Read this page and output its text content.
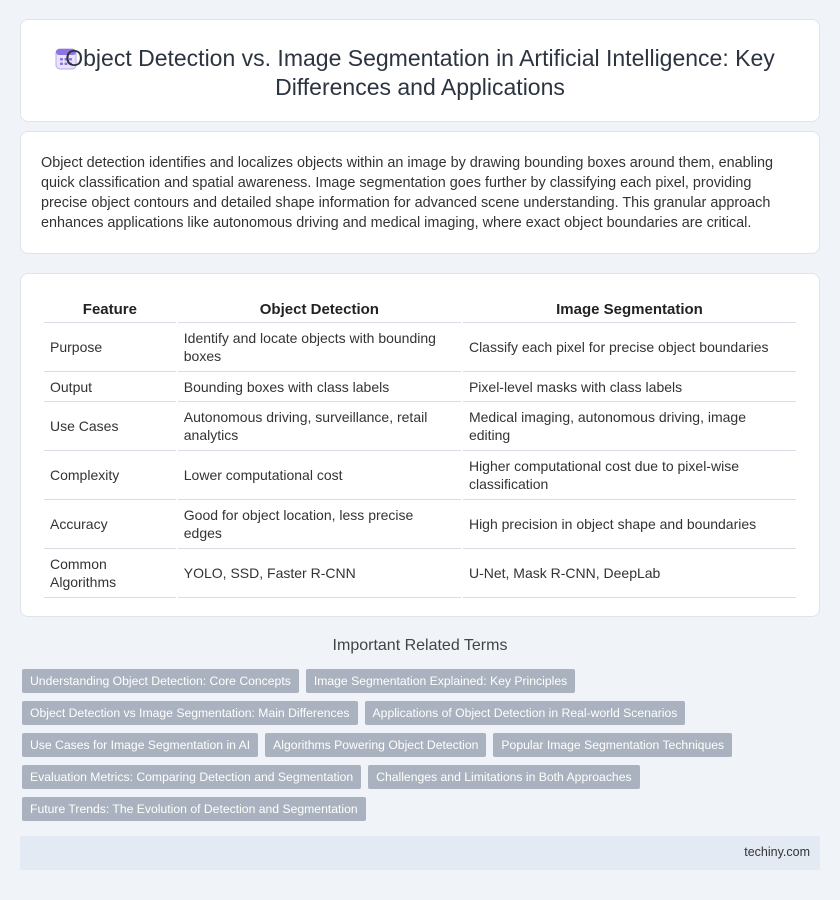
Object Detection vs. Image Segmentation in Artificial Intelligence: Key Differences and Applications

Object detection identifies and localizes objects within an image by drawing bounding boxes around them, enabling quick classification and spatial awareness. Image segmentation goes further by classifying each pixel, providing precise object contours and detailed shape information for advanced scene understanding. This granular approach enhances applications like autonomous driving and medical imaging, where exact object boundaries are critical.

Feature	Object Detection	Image Segmentation
Purpose	Identify and locate objects with bounding boxes	Classify each pixel for precise object boundaries
Output	Bounding boxes with class labels	Pixel-level masks with class labels
Use Cases	Autonomous driving, surveillance, retail analytics	Medical imaging, autonomous driving, image editing
Complexity	Lower computational cost	Higher computational cost due to pixel-wise classification
Accuracy	Good for object location, less precise edges	High precision in object shape and boundaries
Common Algorithms	YOLO, SSD, Faster R-CNN	U-Net, Mask R-CNN, DeepLab
Important Related Terms
Understanding Object Detection: Core Concepts	Image Segmentation Explained: Key Principles
Object Detection vs Image Segmentation: Main Differences	Applications of Object Detection in Real-world Scenarios
Use Cases for Image Segmentation in AI	Algorithms Powering Object Detection	Popular Image Segmentation Techniques
Evaluation Metrics: Comparing Detection and Segmentation	Challenges and Limitations in Both Approaches
Future Trends: The Evolution of Detection and Segmentation
techiny.com
